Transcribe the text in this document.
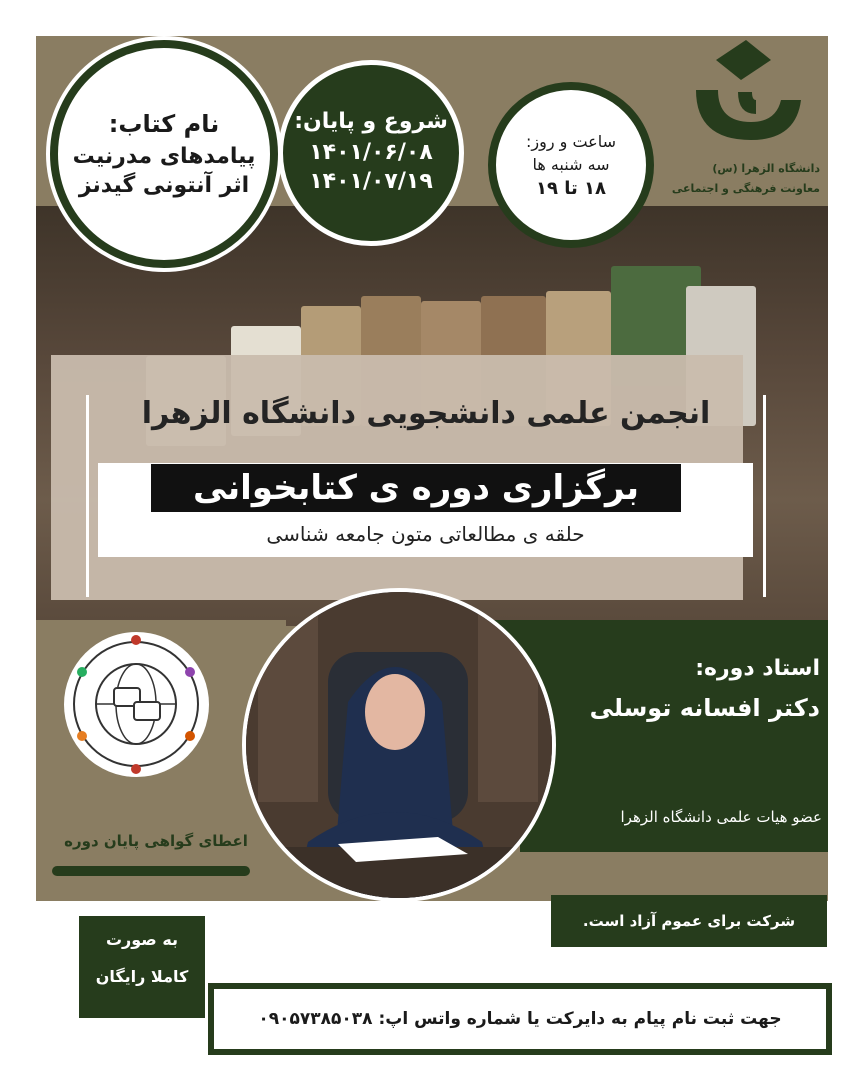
انجمن علمی دانشجویی دانشگاه الزهرا
برگزاری دوره ی کتابخوانی
حلقه ی مطالعاتی متون جامعه شناسی
نام کتاب:
پیامدهای مدرنیت
اثر آنتونی گیدنز
شروع و پایان:
۱۴۰۱/۰۶/۰۸
۱۴۰۱/۰۷/۱۹
ساعت و روز:
سه شنبه ها
۱۸ تا ۱۹
دانشگاه الزهرا (س)
معاونت فرهنگی و اجتماعی
استاد دوره:
دکتر افسانه توسلی
عضو هیات علمی دانشگاه الزهرا
اعطای گواهی پایان دوره
به صورت
کاملا رایگان
شرکت برای عموم آزاد است.
جهت ثبت نام پیام به دایرکت یا شماره واتس اپ: ۰۹۰۵۷۳۸۵۰۳۸
